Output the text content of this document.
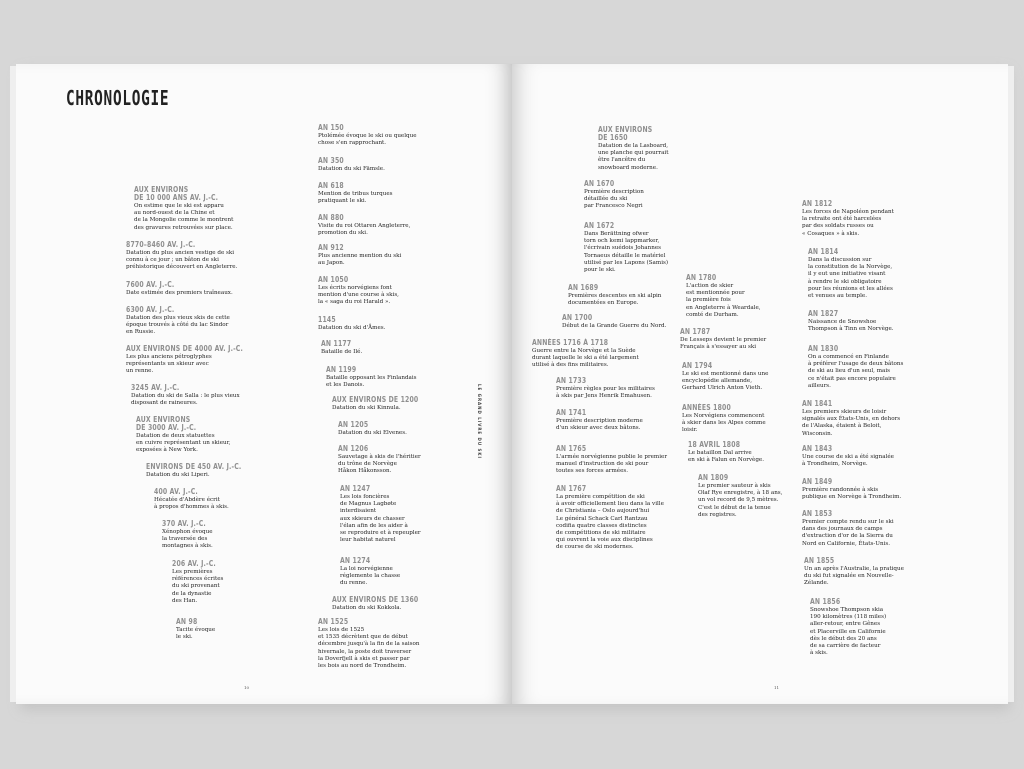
CHRONOLOGIE
LE GRAND LIVRE DU SKI
10
AUX ENVIRONS
DE 10 000 ANS AV. J.-C.
On estime que le ski est apparu
au nord-ouest de la Chine et
de la Mongolie comme le montrent
des gravures retrouvées sur place.
8770–8460 AV. J.-C.
Datation du plus ancien vestige de ski
connu à ce jour ; un bâton de ski
préhistorique découvert en Angleterre.
7600 AV. J.-C.
Date estimée des premiers traîneaux.
6300 AV. J.-C.
Datation des plus vieux skis de cette
époque trouvés à côté du lac Sindor
en Russie.
AUX ENVIRONS DE 4000 AV. J.-C.
Les plus anciens pétroglyphes
représentants un skieur avec
un renne.
3245 AV. J.-C.
Datation du ski de Salla : le plus vieux
disposant de raineures.
AUX ENVIRONS
DE 3000 AV. J.-C.
Datation de deux statuettes
en cuivre représentant un skieur,
exposées à New York.
ENVIRONS DE 450 AV. J.-C.
Datation du ski Liperi.
400 AV. J.-C.
Hécatée d'Abdère écrit
à propos d'hommes à skis.
370 AV. J.-C.
Xénophon évoque
la traversée des
montagnes à skis.
206 AV. J.-C.
Les premières
références écrites
du ski provenant
de la dynastie
des Han.
AN 98
Tacite évoque
le ski.
AN 150
Ptolémée évoque le ski ou quelque
chose s'en rapprochant.
AN 350
Datation du ski Fämsle.
AN 618
Mention de tribus turques
pratiquant le ski.
AN 880
Visite du roi Ottaren Angleterre,
promotion du ski.
AN 912
Plus ancienne mention du ski
au Japon.
AN 1050
Les écrits norvégiens font
mention d'une course à skis,
la « saga du roi Harald ».
1145
Datation du ski d'Åmes.
AN 1177
Bataille de Ilé.
AN 1199
Bataille opposant les Finlandais
et les Danois.
AUX ENVIRONS DE 1200
Datation du ski Kinnula.
AN 1205
Datation du ski Elvenes.
AN 1206
Sauvetage à skis de l'héritier
du trône de Norvège
Håkon Håkonsson.
AN 1247
Les lois foncières
de Magnus Lagbøte
interdisaient
aux skieurs de chasser
l'élan afin de les aider à
se reproduire et à repeupler
leur habitat naturel
AN 1274
La loi norvégienne
réglemente la chasse
du renne.
AUX ENVIRONS DE 1360
Datation du ski Kokkola.
AN 1525
Les lois de 1525
et 1535 décrètent que de début
décembre jusqu'à la fin de la saison
hivernale, la poste doit traverser
la Doverfjell à skis et passer par
les bois au nord de Trondheim.
11
AUX ENVIRONS
DE 1650
Datation de la Lasboard,
une planche qui pourrait
être l'ancêtre du
snowboard moderne.
AN 1670
Première description
détaillée du ski
par Francesco Negri
AN 1672
Dans Berättning ofwer
torn och kemi lappmarker,
l'écrivain suédois Johannes
Tornaeus détaille le matériel
utilisé par les Lapons (Samis)
pour le ski.
AN 1689
Premières descentes en ski alpin
documentées en Europe.
AN 1700
Début de la Grande Guerre du Nord.
ANNÉES 1716 À 1718
Guerre entre la Norvège et la Suède
durant laquelle le ski a été largement
utilisé à des fins militaires.
AN 1733
Première règles pour les militaires
à skis par Jens Henrik Emahusen.
AN 1741
Première description moderne
d'un skieur avec deux bâtons.
AN 1765
L'armée norvégienne publie le premier
manuel d'instruction de ski pour
toutes ses forces armées.
AN 1767
La première compétition de ski
à avoir officiellement lieu dans la ville
de Christiania – Oslo aujourd'hui
Le général Schack Carl Rantzau
codifia quatre classes distinctes
de compétitions de ski militaire
qui ouvrent la voie aux disciplines
de course de ski modernes.
AN 1780
L'action de skier
est mentionnée pour
la première fois
en Angleterre à Weardale,
comté de Durham.
AN 1787
De Lesseps devient le premier
Français à s'essayer au ski
AN 1794
Le ski est mentionné dans une
encyclopédie allemande,
Gerhard Ulrich Anton Vieth.
ANNÉES 1800
Les Norvégiens commencent
à skier dans les Alpes comme
loisir.
18 AVRIL 1808
Le bataillon Dal arrive
en ski à Falun en Norvège.
AN 1809
Le premier sauteur à skis
Olaf Rye enregistre, à 18 ans,
un vol record de 9,5 mètres.
C'est le début de la tenue
des registres.
AN 1812
Les forces de Napoléon pendant
la retraite ont été harcelées
par des soldats russes ou
« Cosaques » à skis.
AN 1814
Dans la discussion sur
la constitution de la Norvège,
il y eut une initiative visant
à rendre le ski obligatoire
pour les réunions et les allées
et venues au temple.
AN 1827
Naissance de Snowshoe
Thompson à Tinn en Norvège.
AN 1830
On a commencé en Finlande
à préférer l'usage de deux bâtons
de ski au lieu d'un seul, mais
ce n'était pas encore populaire
ailleurs.
AN 1841
Les premiers skieurs de loisir
signalés aux États-Unis, en dehors
de l'Alaska, étaient à Beloit,
Wisconsin.
AN 1843
Une course de ski a été signalée
à Trondheim, Norvège.
AN 1849
Première randonnée à skis
publique en Norvège à Trondheim.
AN 1853
Premier compte rendu sur le ski
dans des journaux de camps
d'extraction d'or de la Sierra du
Nord en Californie, États-Unis.
AN 1855
Un an après l'Australie, la pratique
du ski fut signalée en Nouvelle-
Zélande.
AN 1856
Snowshoe Thompson skia
190 kilomètres (118 miles)
aller-retour, entre Gênes
et Placerville en Californie
dès le début des 20 ans
de sa carrière de facteur
à skis.
